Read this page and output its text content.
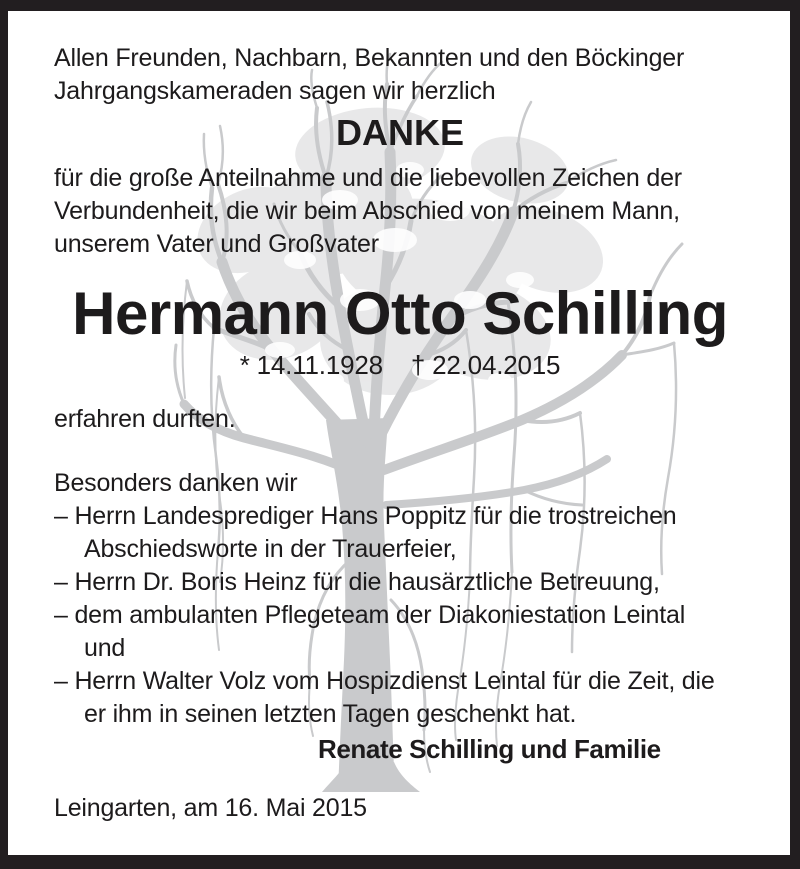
Allen Freunden, Nachbarn, Bekannten und den Böckinger
Jahrgangskameraden sagen wir herzlich
DANKE
für die große Anteilnahme und die liebevollen Zeichen der
Verbundenheit, die wir beim Abschied von meinem Mann,
unserem Vater und Großvater
Hermann Otto Schilling
* 14.11.1928 † 22.04.2015
erfahren durften.
Besonders danken wir
– Herrn Landesprediger Hans Poppitz für die trostreichen
Abschiedsworte in der Trauerfeier,
– Herrn Dr. Boris Heinz für die hausärztliche Betreuung,
– dem ambulanten Pflegeteam der Diakoniestation Leintal
und
– Herrn Walter Volz vom Hospizdienst Leintal für die Zeit, die
er ihm in seinen letzten Tagen geschenkt hat.
Renate Schilling und Familie
Leingarten, am 16. Mai 2015
